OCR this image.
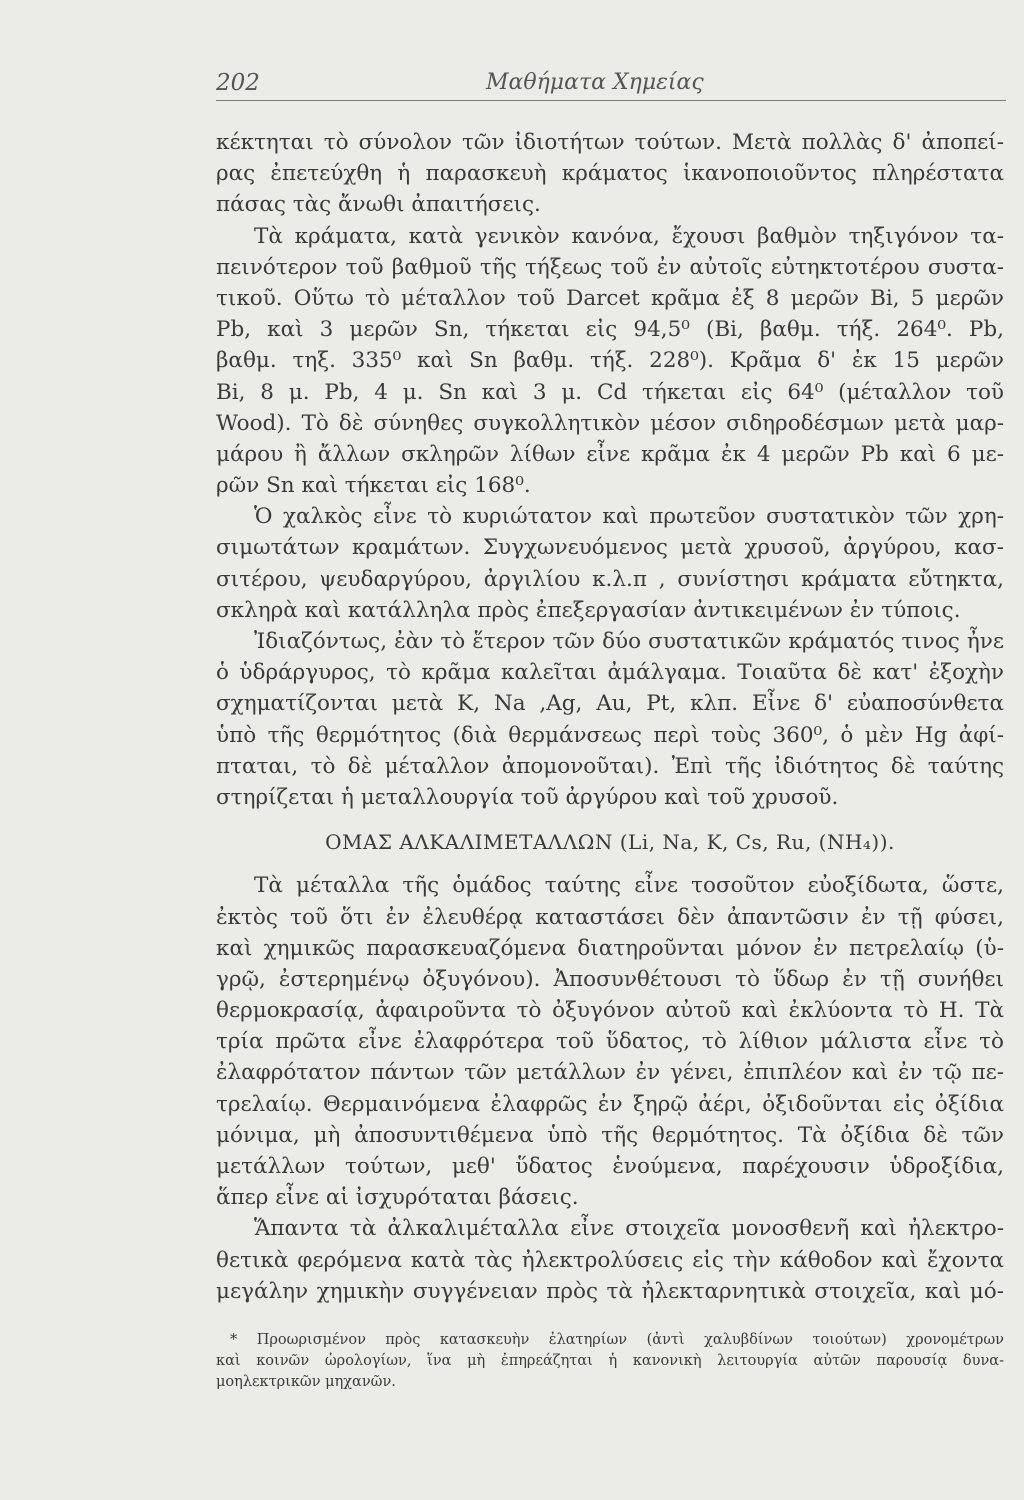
202	Μαθήματα Χημείας
κέκτηται τὸ σύνολον τῶν ἰδιοτήτων τούτων. Μετὰ πολλὰς δ' ἀποπεί-
ρας ἐπετεύχθη ἡ παρασκευὴ κράματος ἱκανοποιοῦντος πληρέστατα
πάσας τὰς ἄνωθι ἀπαιτήσεις.
Τὰ κράματα, κατὰ γενικὸν κανόνα, ἔχουσι βαθμὸν τηξιγόνον τα-
πεινότερον τοῦ βαθμοῦ τῆς τήξεως τοῦ ἐν αὐτοῖς εὐτηκτοτέρου συστα-
τικοῦ. Οὕτω τὸ μέταλλον τοῦ Darcet κρᾶμα ἐξ 8 μερῶν Bi, 5 μερῶν
Pb, καὶ 3 μερῶν Sn, τήκεται εἰς 94,5⁰ (Bi, βαθμ. τήξ. 264⁰. Pb,
βαθμ. τηξ. 335⁰ καὶ Sn βαθμ. τήξ. 228⁰). Κρᾶμα δ' ἐκ 15 μερῶν
Bi, 8 μ. Pb, 4 μ. Sn καὶ 3 μ. Cd τήκεται εἰς 64⁰ (μέταλλον τοῦ
Wood). Τὸ δὲ σύνηθες συγκολλητικὸν μέσον σιδηροδέσμων μετὰ μαρ-
μάρου ἢ ἄλλων σκληρῶν λίθων εἶνε κρᾶμα ἐκ 4 μερῶν Pb καὶ 6 με-
ρῶν Sn καὶ τήκεται εἰς 168⁰.
Ὁ χαλκὸς εἶνε τὸ κυριώτατον καὶ πρωτεῦον συστατικὸν τῶν χρη-
σιμωτάτων κραμάτων. Συγχωνευόμενος μετὰ χρυσοῦ, ἀργύρου, κασ-
σιτέρου, ψευδαργύρου, ἀργιλίου κ.λ.π , συνίστησι κράματα εὔτηκτα,
σκληρὰ καὶ κατάλληλα πρὸς ἐπεξεργασίαν ἀντικειμένων ἐν τύποις.
Ἰδιαζόντως, ἐὰν τὸ ἕτερον τῶν δύο συστατικῶν κράματός τινος ἦνε
ὁ ὑδράργυρος, τὸ κρᾶμα καλεῖται ἀμάλγαμα. Τοιαῦτα δὲ κατ' ἐξοχὴν
σχηματίζονται μετὰ K, Na ,Ag, Au, Pt, κλπ. Εἶνε δ' εὐαποσύνθετα
ὑπὸ τῆς θερμότητος (διὰ θερμάνσεως περὶ τοὺς 360⁰, ὁ μὲν Hg ἀφί-
πταται, τὸ δὲ μέταλλον ἀπομονοῦται). Ἐπὶ τῆς ἰδιότητος δὲ ταύτης
στηρίζεται ἡ μεταλλουργία τοῦ ἀργύρου καὶ τοῦ χρυσοῦ.
ΟΜΑΣ ΑΛΚΑΛΙΜΕΤΑΛΛΩΝ (Li, Na, K, Cs, Ru, (NH₄)).
Τὰ μέταλλα τῆς ὁμάδος ταύτης εἶνε τοσοῦτον εὐοξίδωτα, ὥστε,
ἐκτὸς τοῦ ὅτι ἐν ἐλευθέρᾳ καταστάσει δὲν ἀπαντῶσιν ἐν τῇ φύσει,
καὶ χημικῶς παρασκευαζόμενα διατηροῦνται μόνον ἐν πετρελαίῳ (ὑ-
γρῷ, ἐστερημένῳ ὀξυγόνου). Ἀποσυνθέτουσι τὸ ὕδωρ ἐν τῇ συνήθει
θερμοκρασίᾳ, ἀφαιροῦντα τὸ ὀξυγόνον αὐτοῦ καὶ ἐκλύοντα τὸ H. Τὰ
τρία πρῶτα εἶνε ἐλαφρότερα τοῦ ὕδατος, τὸ λίθιον μάλιστα εἶνε τὸ
ἐλαφρότατον πάντων τῶν μετάλλων ἐν γένει, ἐπιπλέον καὶ ἐν τῷ πε-
τρελαίῳ. Θερμαινόμενα ἐλαφρῶς ἐν ξηρῷ ἀέρι, ὀξιδοῦνται εἰς ὀξίδια
μόνιμα, μὴ ἀποσυντιθέμενα ὑπὸ τῆς θερμότητος. Τὰ ὀξίδια δὲ τῶν
μετάλλων τούτων, μεθ' ὕδατος ἑνούμενα, παρέχουσιν ὑδροξίδια,
ἅπερ εἶνε αἱ ἰσχυρόταται βάσεις.
Ἅπαντα τὰ ἀλκαλιμέταλλα εἶνε στοιχεῖα μονοσθενῆ καὶ ἠλεκτρο-
θετικὰ φερόμενα κατὰ τὰς ἠλεκτρολύσεις εἰς τὴν κάθοδον καὶ ἔχοντα
μεγάλην χημικὴν συγγένειαν πρὸς τὰ ἠλεκταρνητικὰ στοιχεῖα, καὶ μό-
* Προωρισμένον πρὸς κατασκευὴν ἐλατηρίων (ἀντὶ χαλυβδίνων τοιούτων) χρονομέτρων
καὶ κοινῶν ὡρολογίων, ἵνα μὴ ἐπηρεάζηται ἡ κανονικὴ λειτουργία αὐτῶν παρουσίᾳ δυνα-
μοηλεκτρικῶν μηχανῶν.
